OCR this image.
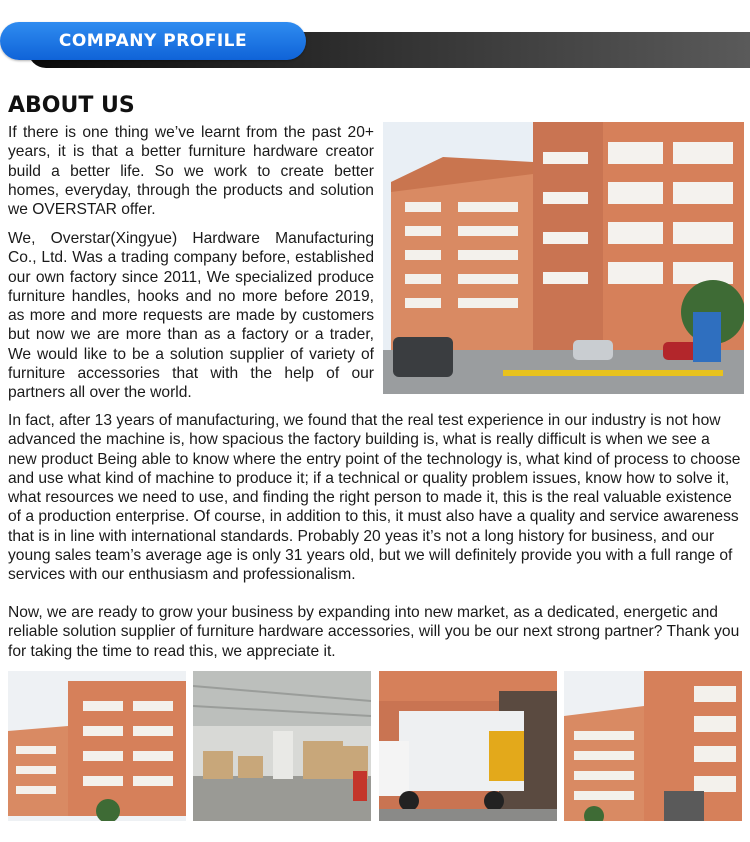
COMPANY PROFILE
ABOUT US

If there is one thing we’ve learnt from the past 20+ years, it is that a better furniture hardware creator build a better life. So we work to create better homes, everyday, through the products and solution we OVERSTAR offer.

We, Overstar(Xingyue) Hardware Manufacturing Co., Ltd. Was a trading company before, established our own factory since 2011, We specialized produce furniture handles, hooks and no more before 2019, as more and more requests are made by customers but now we are more than as a factory or a trader, We would like to be a solution supplier of variety of furniture accessories that with the help of our partners all over the world.

In fact, after 13 years of manufacturing, we found that the real test experience in our industry is not how advanced the machine is, how spacious the factory building is, what is really difficult is when we see a new product Being able to know where the entry point of the technology is, what kind of process to choose and use what kind of machine to produce it; if a technical or quality problem issues, know how to solve it, what resources we need to use, and finding the right person to made it, this is the real valuable existence of a production enterprise. Of course, in addition to this, it must also have a quality and service awareness that is in line with international standards. Probably 20 yeas it’s not a long history for business, and our young sales team’s average age is only 31 years old, but we will definitely provide you with a full range of services with our enthusiasm and professionalism.

Now, we are ready to grow your business by expanding into new market, as a dedicated, energetic and reliable solution supplier of furniture hardware accessories, will you be our next strong partner? Thank you for taking the time to read this, we appreciate it.
